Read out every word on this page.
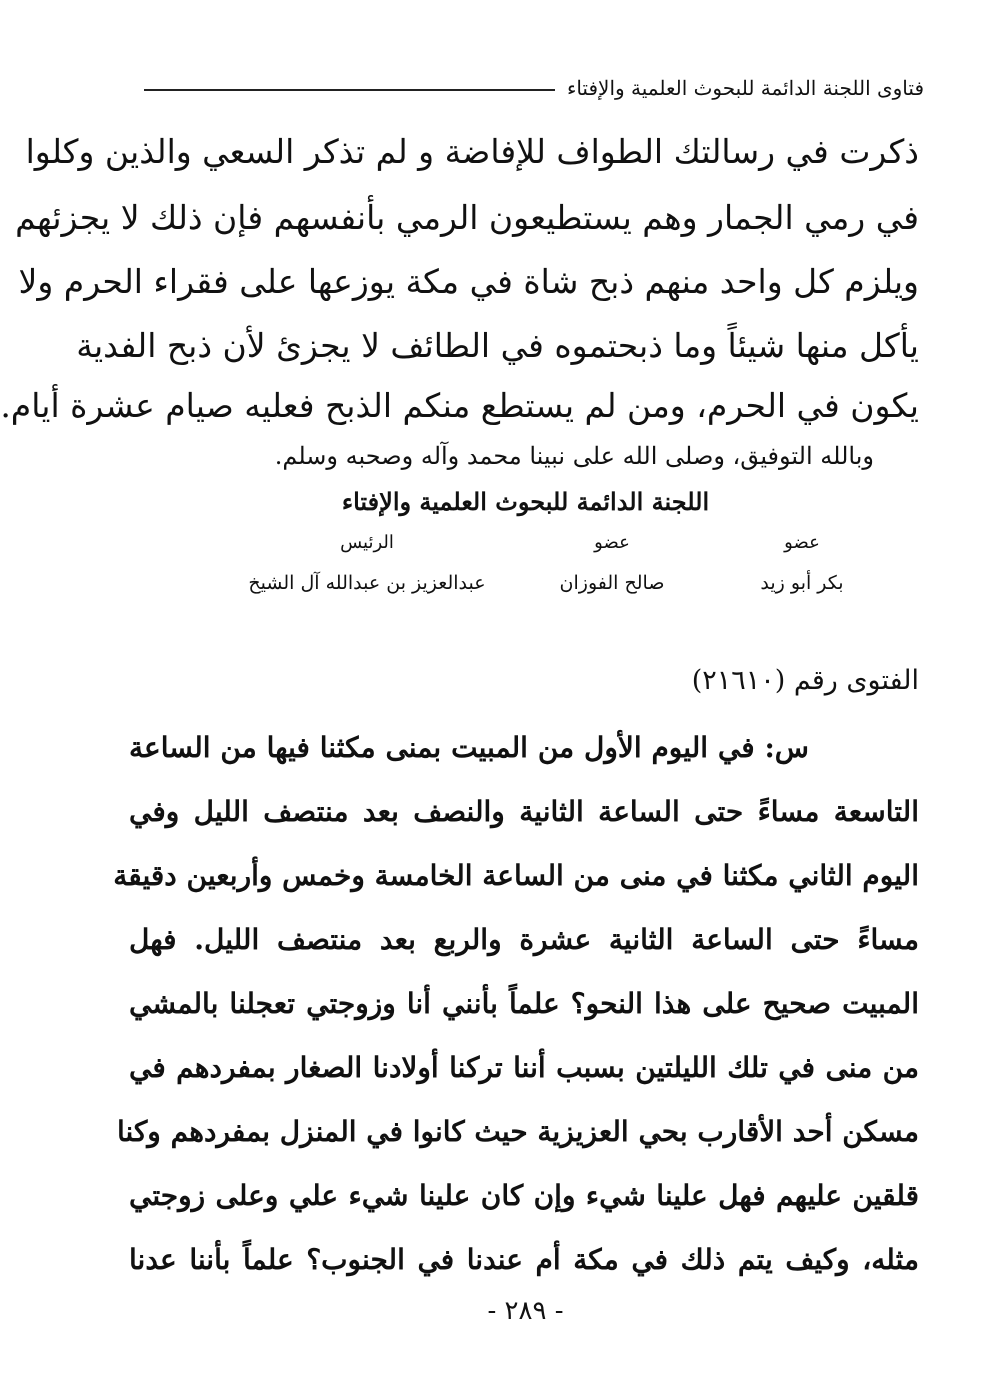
فتاوى اللجنة الدائمة للبحوث العلمية والإفتاء
ذكرت في رسالتك الطواف للإفاضة و لم تذكر السعي والذين وكلوا
في رمي الجمار وهم يستطيعون الرمي بأنفسهم فإن ذلك لا يجزئهم
ويلزم كل واحد منهم ذبح شاة في مكة يوزعها على فقراء الحرم ولا
يأكل منها شيئاً وما ذبحتموه في الطائف لا يجزئ لأن ذبح الفدية
يكون في الحرم، ومن لم يستطع منكم الذبح فعليه صيام عشرة أيام.
وبالله التوفيق، وصلى الله على نبينا محمد وآله وصحبه وسلم.
اللجنة الدائمة للبحوث العلمية والإفتاء
عضو
عضو
الرئيس
بكر أبو زيد
صالح الفوزان
عبدالعزيز بن عبدالله آل الشيخ
الفتوى رقم (٢١٦١٠)
س: في اليوم الأول من المبيت بمنى مكثنا فيها من الساعة
التاسعة مساءً حتى الساعة الثانية والنصف بعد منتصف الليل وفي
اليوم الثاني مكثنا في منى من الساعة الخامسة وخمس وأربعين دقيقة
مساءً حتى الساعة الثانية عشرة والربع بعد منتصف الليل. فهل
المبيت صحيح على هذا النحو؟ علماً بأنني أنا وزوجتي تعجلنا بالمشي
من منى في تلك الليلتين بسبب أننا تركنا أولادنا الصغار بمفردهم في
مسكن أحد الأقارب بحي العزيزية حيث كانوا في المنزل بمفردهم وكنا
قلقين عليهم فهل علينا شيء وإن كان علينا شيء علي وعلى زوجتي
مثله، وكيف يتم ذلك في مكة أم عندنا في الجنوب؟ علماً بأننا عدنا
- ٢٨٩ -
